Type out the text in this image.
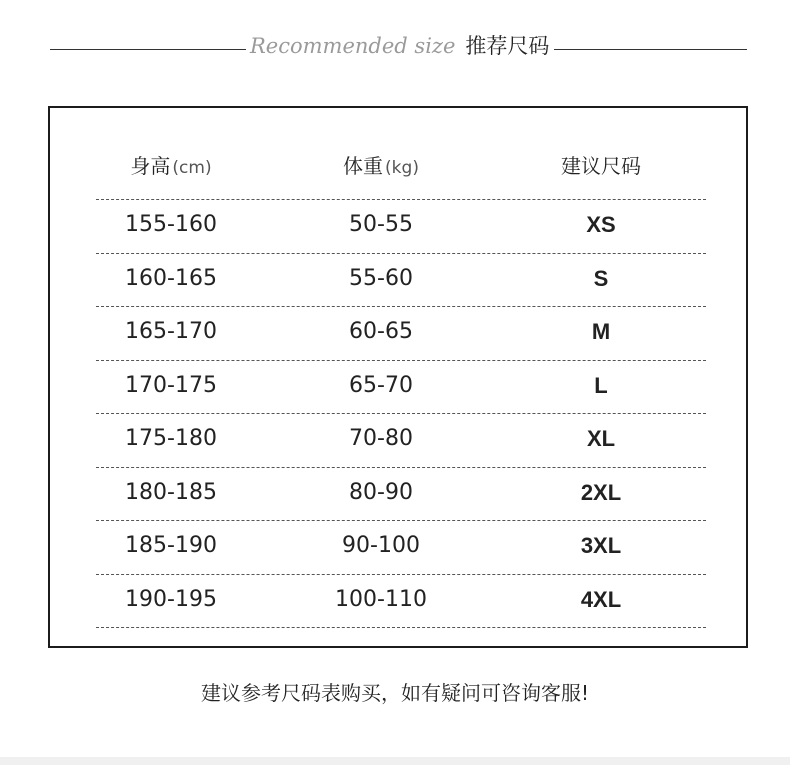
Recommended size 推荐尺码
身高 (cm)	体重 (kg)	建议尺码
155-160	50-55	XS
160-165	55-60	S
165-170	60-65	M
170-175	65-70	L
175-180	70-80	XL
180-185	80-90	2XL
185-190	90-100	3XL
190-195	100-110	4XL
建议参考尺码表购买，如有疑问可咨询客服!
